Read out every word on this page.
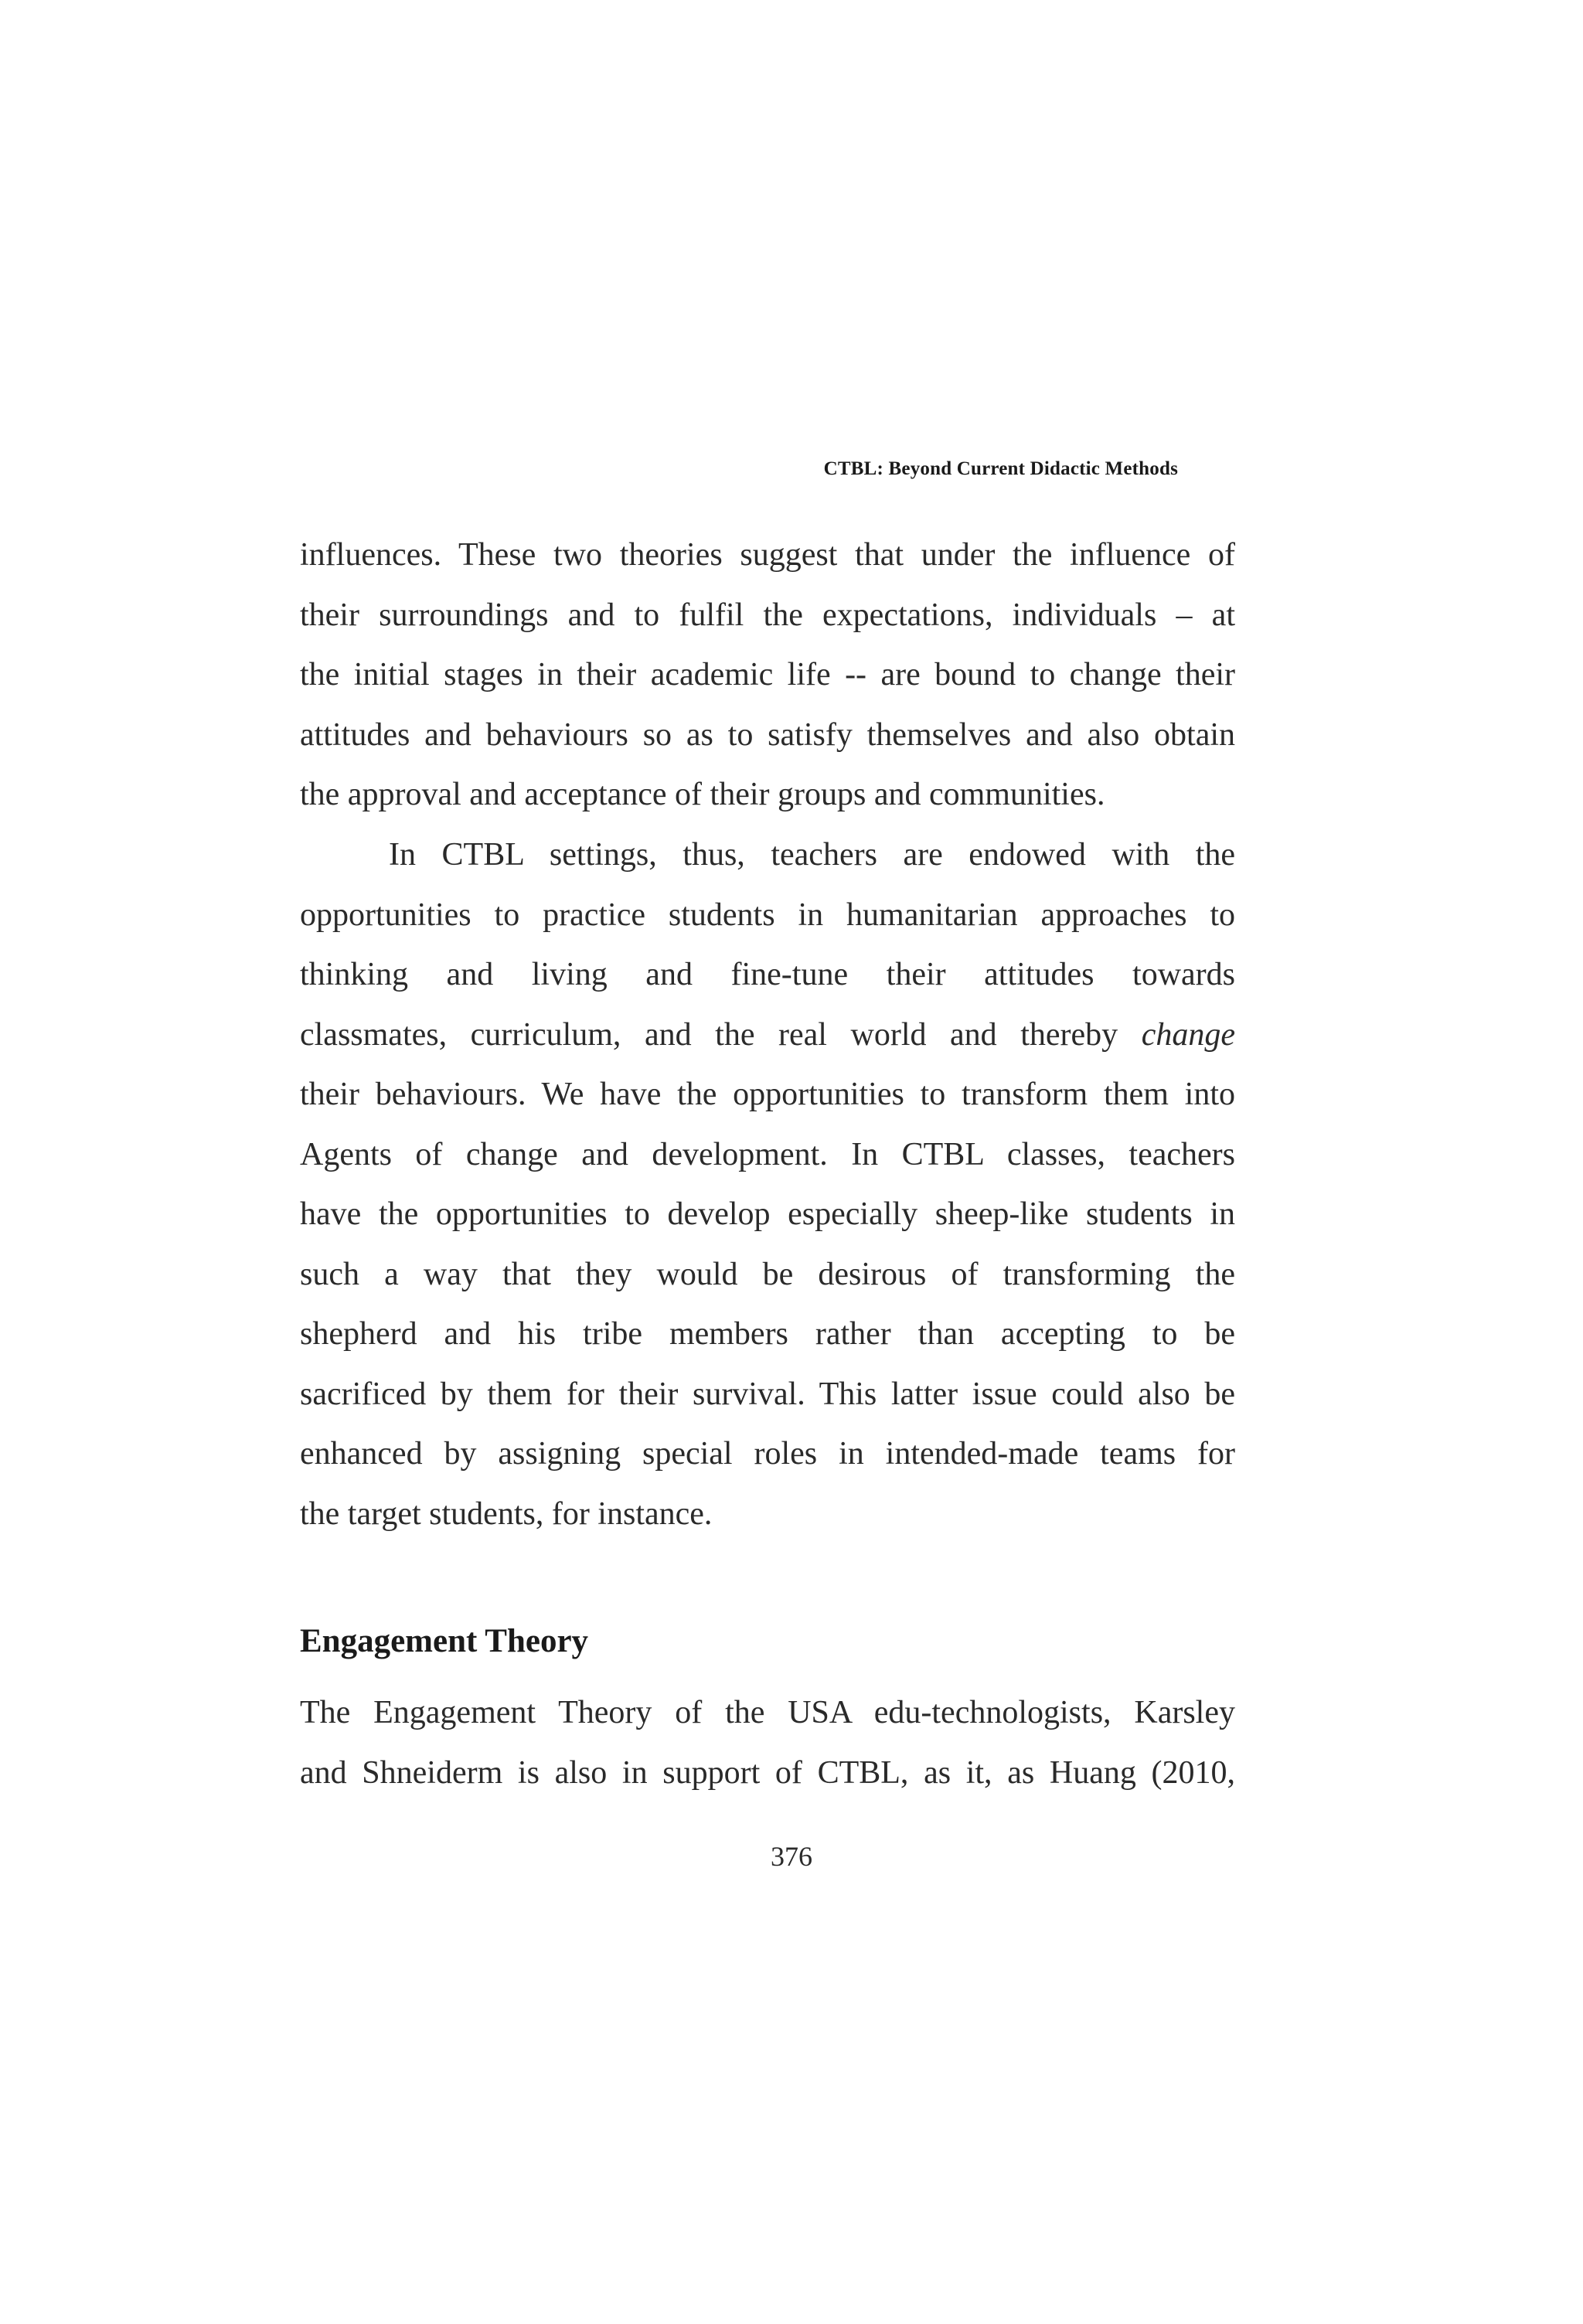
CTBL: Beyond Current Didactic Methods
influences. These two theories suggest that under the influence of
their surroundings and to fulfil the expectations, individuals – at
the initial stages in their academic life -- are bound to change their
attitudes and behaviours so as to satisfy themselves and also obtain
the approval and acceptance of their groups and communities.
In CTBL settings, thus, teachers are endowed with the
opportunities to practice students in humanitarian approaches to
thinking and living and fine-tune their attitudes towards
classmates, curriculum, and the real world and thereby change
their behaviours. We have the opportunities to transform them into
Agents of change and development. In CTBL classes, teachers
have the opportunities to develop especially sheep-like students in
such a way that they would be desirous of transforming the
shepherd and his tribe members rather than accepting to be
sacrificed by them for their survival. This latter issue could also be
enhanced by assigning special roles in intended-made teams for
the target students, for instance.
Engagement Theory
The Engagement Theory of the USA edu-technologists, Karsley
and Shneiderm is also in support of CTBL, as it, as Huang (2010,
376
